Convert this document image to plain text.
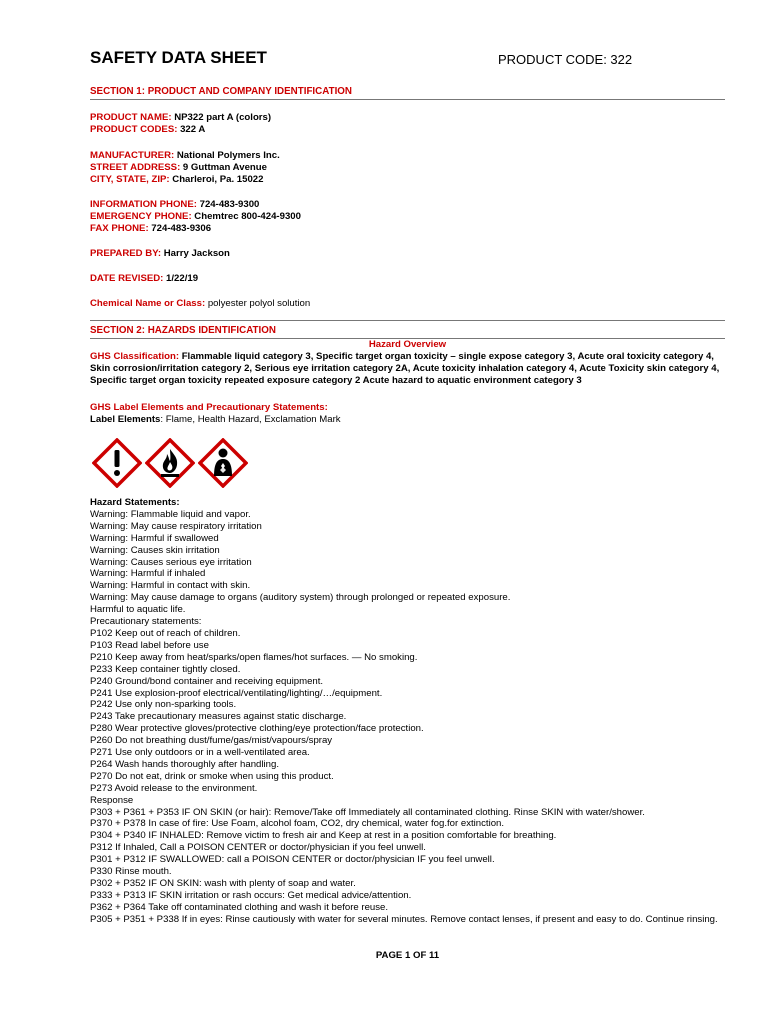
SAFETY DATA SHEET	PRODUCT CODE: 322
SECTION 1: PRODUCT AND COMPANY IDENTIFICATION
PRODUCT NAME: NP322 part A (colors)
PRODUCT CODES: 322 A
MANUFACTURER: National Polymers Inc.
STREET ADDRESS: 9 Guttman Avenue
CITY, STATE, ZIP: Charleroi, Pa. 15022
INFORMATION PHONE: 724-483-9300
EMERGENCY PHONE: Chemtrec 800-424-9300
FAX PHONE: 724-483-9306
PREPARED BY: Harry Jackson
DATE REVISED: 1/22/19
Chemical Name or Class: polyester polyol solution
SECTION 2: HAZARDS IDENTIFICATION
Hazard Overview
GHS Classification: Flammable liquid category 3, Specific target organ toxicity – single expose category 3, Acute oral toxicity category 4, Skin corrosion/irritation category 2, Serious eye irritation category 2A, Acute toxicity inhalation category 4, Acute Toxicity skin category 4, Specific target organ toxicity repeated exposure category 2 Acute hazard to aquatic environment category 3
GHS Label Elements and Precautionary Statements:
Label Elements: Flame, Health Hazard, Exclamation Mark
Hazard Statements:
Warning: Flammable liquid and vapor.
Warning: May cause respiratory irritation
Warning: Harmful if swallowed
Warning: Causes skin irritation
Warning: Causes serious eye irritation
Warning: Harmful if inhaled
Warning: Harmful in contact with skin.
Warning: May cause damage to organs (auditory system) through prolonged or repeated exposure.
Harmful to aquatic life.
Precautionary statements:
P102 Keep out of reach of children.
P103 Read label before use
P210 Keep away from heat/sparks/open flames/hot surfaces. — No smoking.
P233 Keep container tightly closed.
P240 Ground/bond container and receiving equipment.
P241 Use explosion-proof electrical/ventilating/lighting/…/equipment.
P242 Use only non-sparking tools.
P243 Take precautionary measures against static discharge.
P280 Wear protective gloves/protective clothing/eye protection/face protection.
P260 Do not breathing dust/fume/gas/mist/vapours/spray
P271 Use only outdoors or in a well-ventilated area.
P264 Wash hands thoroughly after handling.
P270 Do not eat, drink or smoke when using this product.
P273 Avoid release to the environment.
Response
P303 + P361 + P353 IF ON SKIN (or hair): Remove/Take off Immediately all contaminated clothing. Rinse SKIN with water/shower.
P370 + P378 In case of fire: Use Foam, alcohol foam, CO2, dry chemical, water fog.for extinction.
P304 + P340 IF INHALED: Remove victim to fresh air and Keep at rest in a position comfortable for breathing.
P312 If Inhaled, Call a POISON CENTER or doctor/physician if you feel unwell.
P301 + P312 IF SWALLOWED: call a POISON CENTER or doctor/physician IF you feel unwell.
P330 Rinse mouth.
P302 + P352 IF ON SKIN: wash with plenty of soap and water.
P333 + P313 IF SKIN irritation or rash occurs: Get medical advice/attention.
P362 + P364 Take off contaminated clothing and wash it before reuse.
P305 + P351 + P338 If in eyes: Rinse cautiously with water for several minutes. Remove contact lenses, if present and easy to do. Continue rinsing.
PAGE 1 OF 11
